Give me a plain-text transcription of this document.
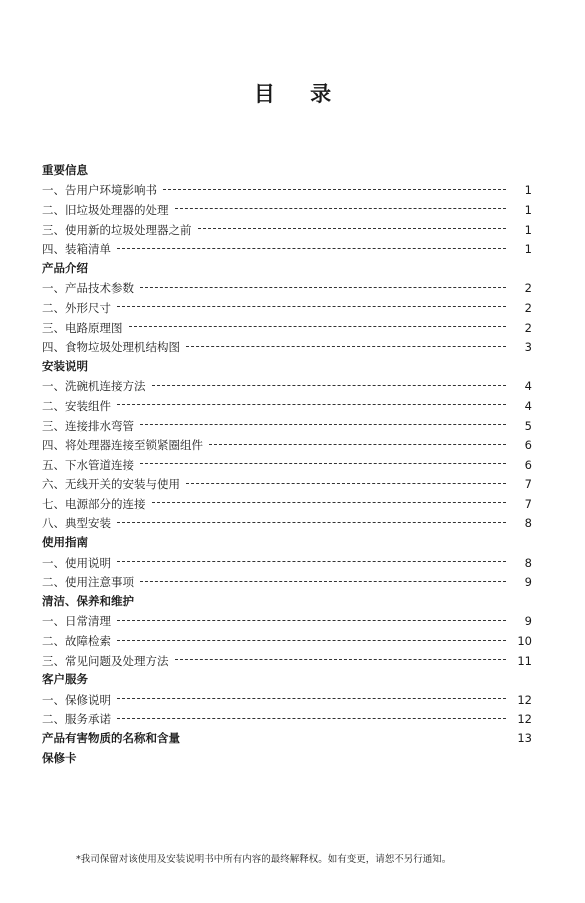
目 录
重要信息
一、告用户环境影响书	1
二、旧垃圾处理器的处理	1
三、使用新的垃圾处理器之前	1
四、装箱清单	1
产品介绍
一、产品技术参数	2
二、外形尺寸	2
三、电路原理图	2
四、食物垃圾处理机结构图	3
安装说明
一、洗碗机连接方法	4
二、安装组件	4
三、连接排水弯管	5
四、将处理器连接至锁紧圈组件	6
五、下水管道连接	6
六、无线开关的安装与使用	7
七、电源部分的连接	7
八、典型安装	8
使用指南
一、使用说明	8
二、使用注意事项	9
清洁、保养和维护
一、日常清理	9
二、故障检索	10
三、常见问题及处理方法	11
客户服务
一、保修说明	12
二、服务承诺	12
产品有害物质的名称和含量	13
保修卡
*我司保留对该使用及安装说明书中所有内容的最终解释权。如有变更，请恕不另行通知。
